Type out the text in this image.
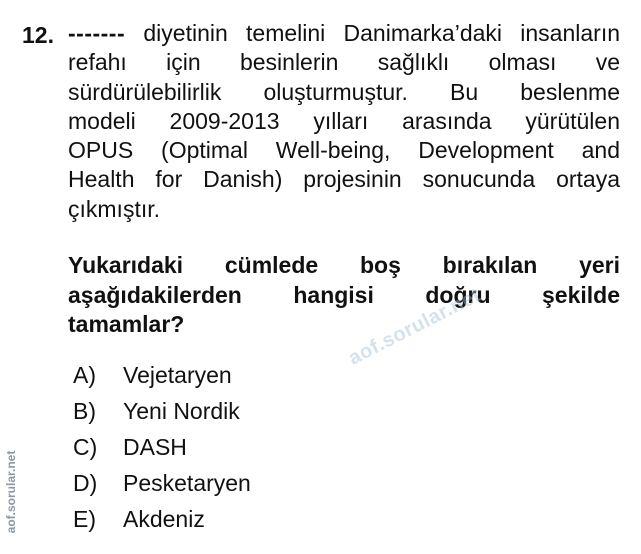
12. ------- diyetinin temelini Danimarka’daki insanların
refahı için besinlerin sağlıklı olması ve
sürdürülebilirlik oluşturmuştur. Bu beslenme
modeli 2009-2013 yılları arasında yürütülen
OPUS (Optimal Well-being, Development and
Health for Danish) projesinin sonucunda ortaya
çıkmıştır.
Yukarıdaki cümlede boş bırakılan yeri
aşağıdakilerden hangisi doğru şekilde
tamamlar?
A) Vejetaryen
B) Yeni Nordik
C) DASH
D) Pesketaryen
E) Akdeniz
aof.sorular.net
aof.sorular.net
